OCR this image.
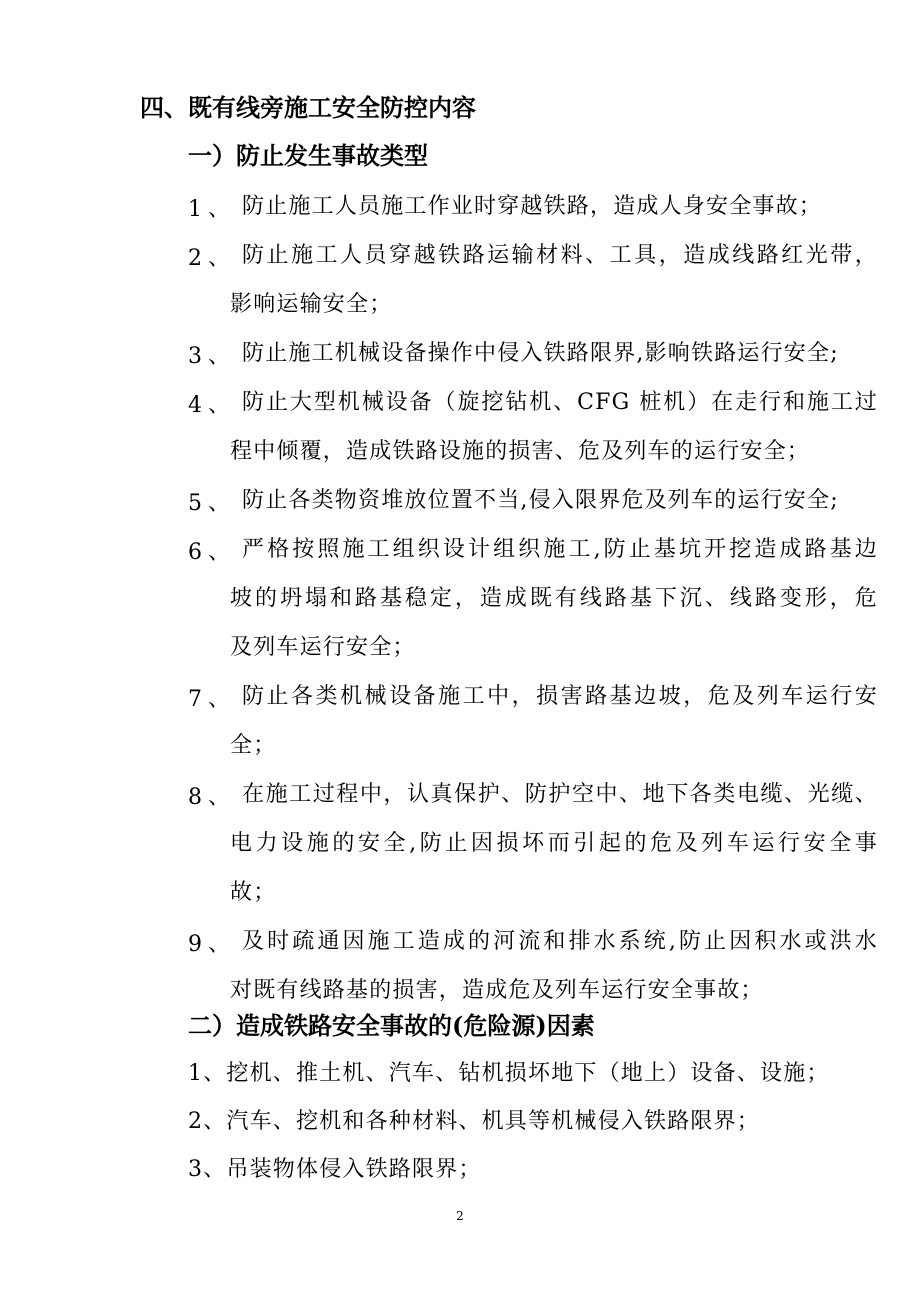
四、既有线旁施工安全防控内容
一）防止发生事故类型
1、 防止施工人员施工作业时穿越铁路，造成人身安全事故；
2、 防止施工人员穿越铁路运输材料、工具，造成线路红光带，
影响运输安全；
3、 防止施工机械设备操作中侵入铁路限界,影响铁路运行安全;
4、 防止大型机械设备（旋挖钻机、CFG 桩机）在走行和施工过
程中倾覆，造成铁路设施的损害、危及列车的运行安全；
5、 防止各类物资堆放位置不当,侵入限界危及列车的运行安全;
6、 严格按照施工组织设计组织施工,防止基坑开挖造成路基边
坡的坍塌和路基稳定，造成既有线路基下沉、线路变形，危
及列车运行安全；
7、 防止各类机械设备施工中，损害路基边坡，危及列车运行安
全；
8、 在施工过程中，认真保护、防护空中、地下各类电缆、光缆、
电力设施的安全,防止因损坏而引起的危及列车运行安全事
故；
9、 及时疏通因施工造成的河流和排水系统,防止因积水或洪水
对既有线路基的损害，造成危及列车运行安全事故；
二）造成铁路安全事故的(危险源)因素
1、挖机、推土机、汽车、钻机损坏地下（地上）设备、设施；
2、汽车、挖机和各种材料、机具等机械侵入铁路限界；
3、吊装物体侵入铁路限界；
2
